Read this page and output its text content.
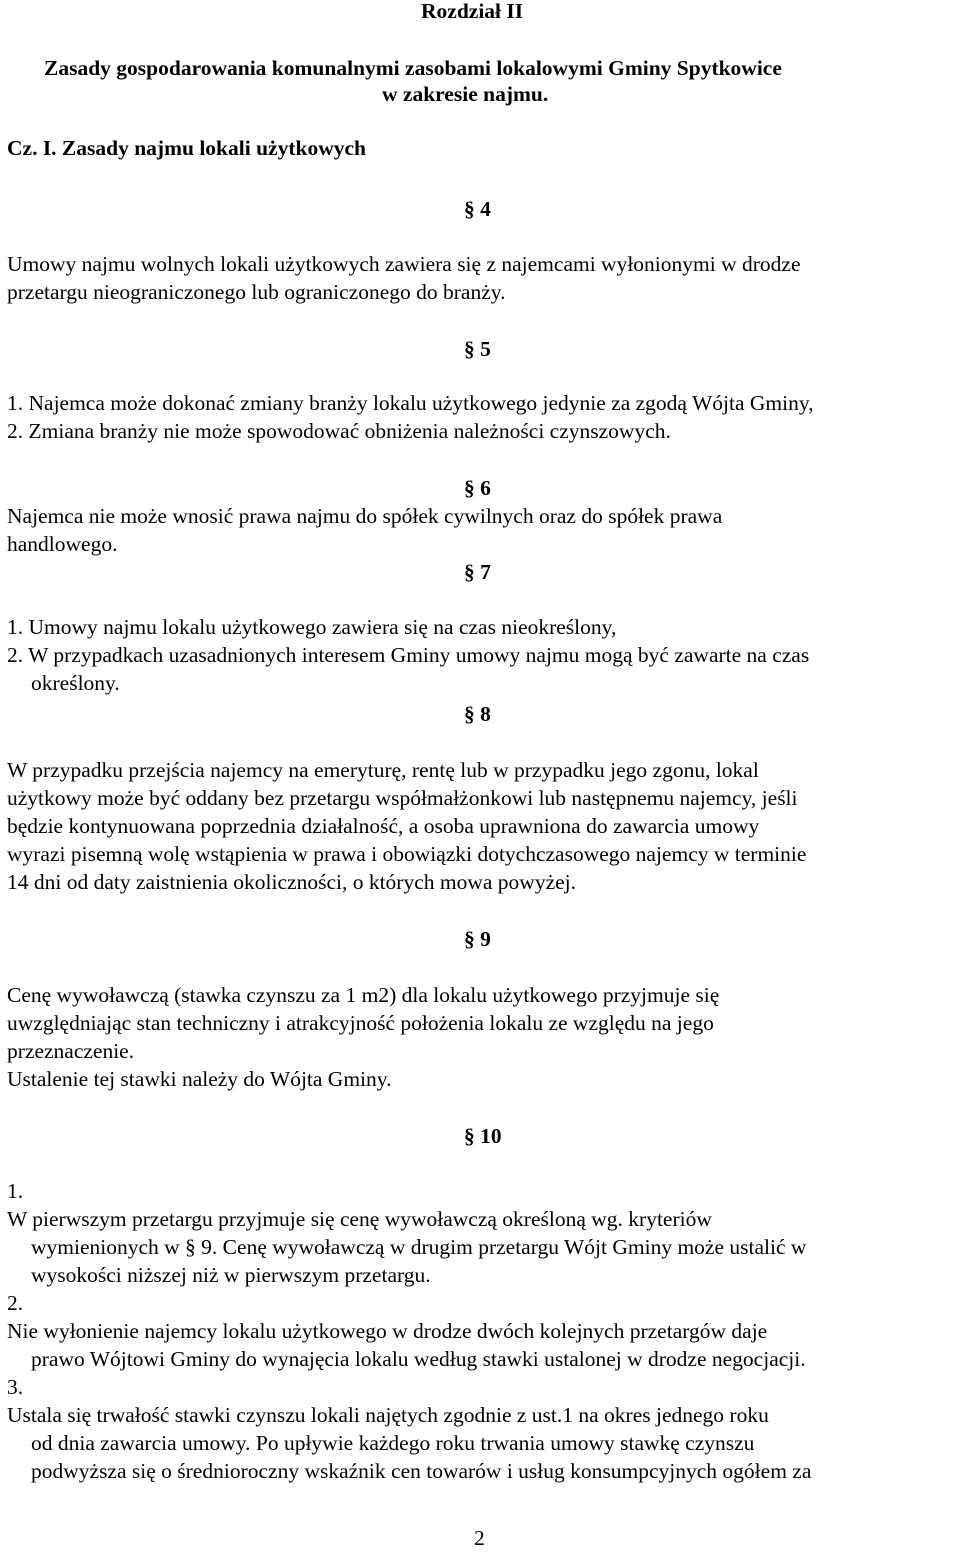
Rozdział II
Zasady gospodarowania komunalnymi zasobami lokalowymi Gminy Spytkowice
w zakresie najmu.
Cz. I. Zasady najmu lokali użytkowych
§ 4
Umowy najmu wolnych lokali użytkowych zawiera się z najemcami wyłonionymi w drodze
przetargu nieograniczonego lub ograniczonego do branży.
§ 5
1. Najemca może dokonać zmiany branży lokalu użytkowego jedynie za zgodą Wójta Gminy,
2. Zmiana branży nie może spowodować obniżenia należności czynszowych.
§ 6
Najemca nie może wnosić prawa najmu do spółek cywilnych oraz do spółek prawa
handlowego.
§ 7
1. Umowy najmu lokalu użytkowego zawiera się na czas nieokreślony,
2. W przypadkach uzasadnionych interesem Gminy umowy najmu mogą być zawarte na czas
określony.
§ 8
W przypadku przejścia najemcy na emeryturę, rentę lub w przypadku jego zgonu, lokal
użytkowy może być oddany bez przetargu współmałżonkowi lub następnemu najemcy, jeśli
będzie kontynuowana poprzednia działalność, a osoba uprawniona do zawarcia umowy
wyrazi pisemną wolę wstąpienia w prawa i obowiązki dotychczasowego najemcy w terminie
14 dni od daty zaistnienia okoliczności, o których mowa powyżej.
§ 9
Cenę wywoławczą (stawka czynszu za 1 m2) dla lokalu użytkowego przyjmuje się
uwzględniając stan techniczny i atrakcyjność położenia lokalu ze względu na jego
przeznaczenie.
Ustalenie tej stawki należy do Wójta Gminy.
§ 10
1.
W pierwszym przetargu przyjmuje się cenę wywoławczą określoną wg. kryteriów
wymienionych w § 9. Cenę wywoławczą w drugim przetargu Wójt Gminy może ustalić w
wysokości niższej niż w pierwszym przetargu.
2.
Nie wyłonienie najemcy lokalu użytkowego w drodze dwóch kolejnych przetargów daje
prawo Wójtowi Gminy do wynajęcia lokalu według stawki ustalonej w drodze negocjacji.
3.
Ustala się trwałość stawki czynszu lokali najętych zgodnie z ust.1 na okres jednego roku
od dnia zawarcia umowy. Po upływie każdego roku trwania umowy stawkę czynszu
podwyższa się o średnioroczny wskaźnik cen towarów i usług konsumpcyjnych ogółem za
2
